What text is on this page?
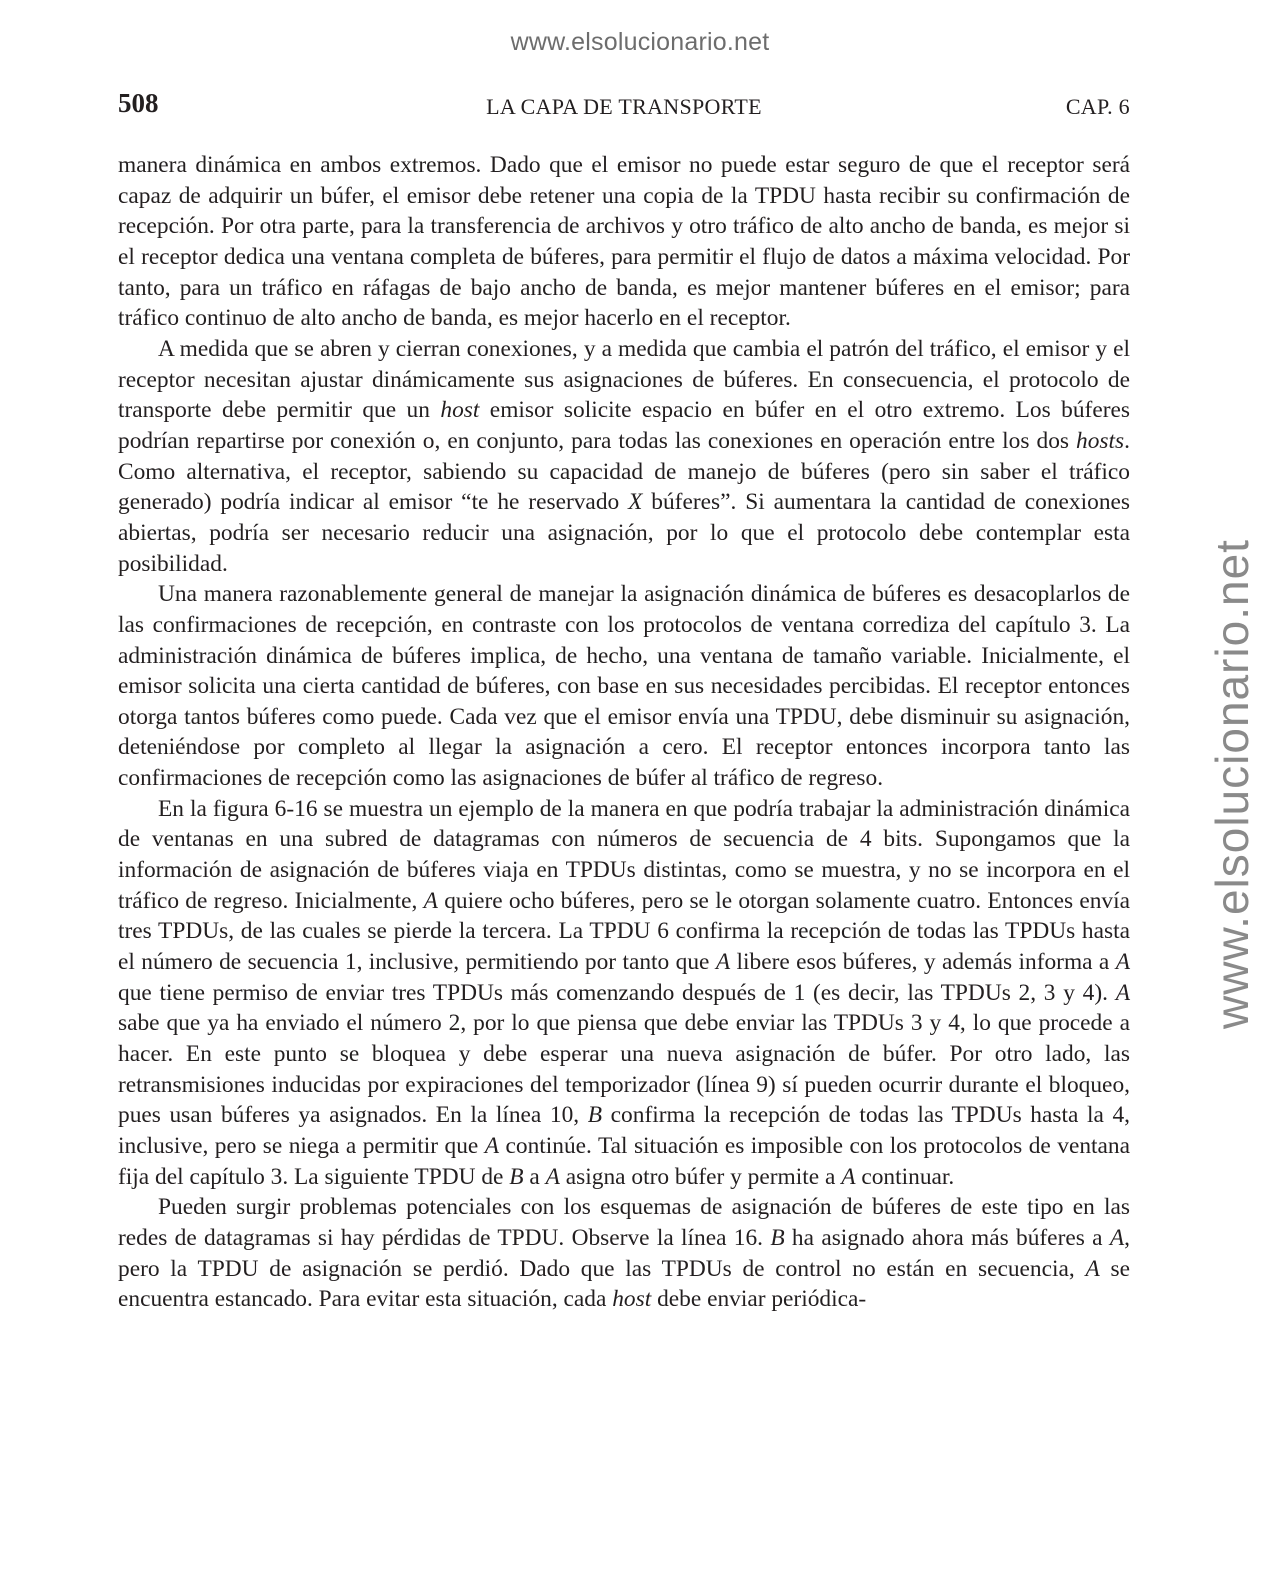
www.elsolucionario.net
www.elsolucionario.net
508	LA CAPA DE TRANSPORTE	CAP. 6

manera dinámica en ambos extremos. Dado que el emisor no puede estar seguro de que el receptor será capaz de adquirir un búfer, el emisor debe retener una copia de la TPDU hasta recibir su confirmación de recepción. Por otra parte, para la transferencia de archivos y otro tráfico de alto ancho de banda, es mejor si el receptor dedica una ventana completa de búferes, para permitir el flujo de datos a máxima velocidad. Por tanto, para un tráfico en ráfagas de bajo ancho de banda, es mejor mantener búferes en el emisor; para tráfico continuo de alto ancho de banda, es mejor hacerlo en el receptor.

A medida que se abren y cierran conexiones, y a medida que cambia el patrón del tráfico, el emisor y el receptor necesitan ajustar dinámicamente sus asignaciones de búferes. En consecuencia, el protocolo de transporte debe permitir que un host emisor solicite espacio en búfer en el otro extremo. Los búferes podrían repartirse por conexión o, en conjunto, para todas las conexiones en operación entre los dos hosts. Como alternativa, el receptor, sabiendo su capacidad de manejo de búferes (pero sin saber el tráfico generado) podría indicar al emisor “te he reservado X búferes”. Si aumentara la cantidad de conexiones abiertas, podría ser necesario reducir una asignación, por lo que el protocolo debe contemplar esta posibilidad.

Una manera razonablemente general de manejar la asignación dinámica de búferes es desacoplarlos de las confirmaciones de recepción, en contraste con los protocolos de ventana corrediza del capítulo 3. La administración dinámica de búferes implica, de hecho, una ventana de tamaño variable. Inicialmente, el emisor solicita una cierta cantidad de búferes, con base en sus necesidades percibidas. El receptor entonces otorga tantos búferes como puede. Cada vez que el emisor envía una TPDU, debe disminuir su asignación, deteniéndose por completo al llegar la asignación a cero. El receptor entonces incorpora tanto las confirmaciones de recepción como las asignaciones de búfer al tráfico de regreso.

En la figura 6-16 se muestra un ejemplo de la manera en que podría trabajar la administración dinámica de ventanas en una subred de datagramas con números de secuencia de 4 bits. Supongamos que la información de asignación de búferes viaja en TPDUs distintas, como se muestra, y no se incorpora en el tráfico de regreso. Inicialmente, A quiere ocho búferes, pero se le otorgan solamente cuatro. Entonces envía tres TPDUs, de las cuales se pierde la tercera. La TPDU 6 confirma la recepción de todas las TPDUs hasta el número de secuencia 1, inclusive, permitiendo por tanto que A libere esos búferes, y además informa a A que tiene permiso de enviar tres TPDUs más comenzando después de 1 (es decir, las TPDUs 2, 3 y 4). A sabe que ya ha enviado el número 2, por lo que piensa que debe enviar las TPDUs 3 y 4, lo que procede a hacer. En este punto se bloquea y debe esperar una nueva asignación de búfer. Por otro lado, las retransmisiones inducidas por expiraciones del temporizador (línea 9) sí pueden ocurrir durante el bloqueo, pues usan búferes ya asignados. En la línea 10, B confirma la recepción de todas las TPDUs hasta la 4, inclusive, pero se niega a permitir que A continúe. Tal situación es imposible con los protocolos de ventana fija del capítulo 3. La siguiente TPDU de B a A asigna otro búfer y permite a A continuar.

Pueden surgir problemas potenciales con los esquemas de asignación de búferes de este tipo en las redes de datagramas si hay pérdidas de TPDU. Observe la línea 16. B ha asignado ahora más búferes a A, pero la TPDU de asignación se perdió. Dado que las TPDUs de control no están en secuencia, A se encuentra estancado. Para evitar esta situación, cada host debe enviar periódica-
